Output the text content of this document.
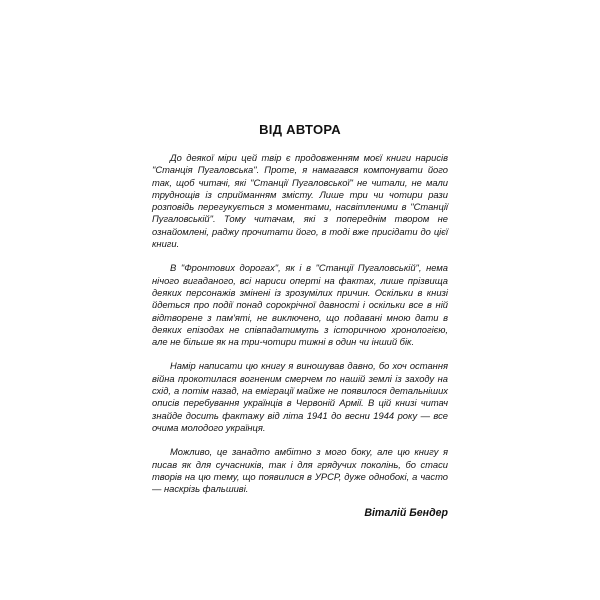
ВІД АВТОРА

До деякої міри цей твір є продовженням моєї книги нарисів "Станція Пугаловська". Проте, я намагався компонувати його так, щоб читачі, які "Станції Пугаловської" не читали, не мали труднощів із сприйманням змісту. Лише три чи чотири рази розповідь перегукується з моментами, насвітленими в "Станції Пугаловській". Тому читачам, які з попереднім твором не ознайомлені, раджу прочитати його, в тоді вже присідати до цієї книги.

В "Фронтових дорогах", як і в "Станції Пугаловській", нема нічого вигаданого, всі нариси оперті на фактах, лише прізвища деяких персонажів змінені із зрозумілих причин. Оскільки в книзі йдеться про події понад сорокрічної давності і оскільки все в ній відтворене з пам'яті, не виключено, що подавані мною дати в деяких епізодах не співпадатимуть з історичною хронологією, але не більше як на три-чотири тижні в один чи інший бік.

Намір написати цю книгу я виношував давно, бо хоч остання війна прокотилася вогненим смерчем по нашій землі із заходу на схід, а потім назад, на еміграції майже не появилося детальніших описів перебування українців в Червоній Армії. В цій книзі читач знайде досить фактажу від літа 1941 до весни 1944 року — все очима молодого українця.

Можливо, це занадто амбітно з мого боку, але цю книгу я писав як для сучасників, так і для грядучих поколінь, бо стаси творів на цю тему, що появилися в УРСР, дуже однобокі, а часто — наскрізь фальшиві.

Віталій Бендер
